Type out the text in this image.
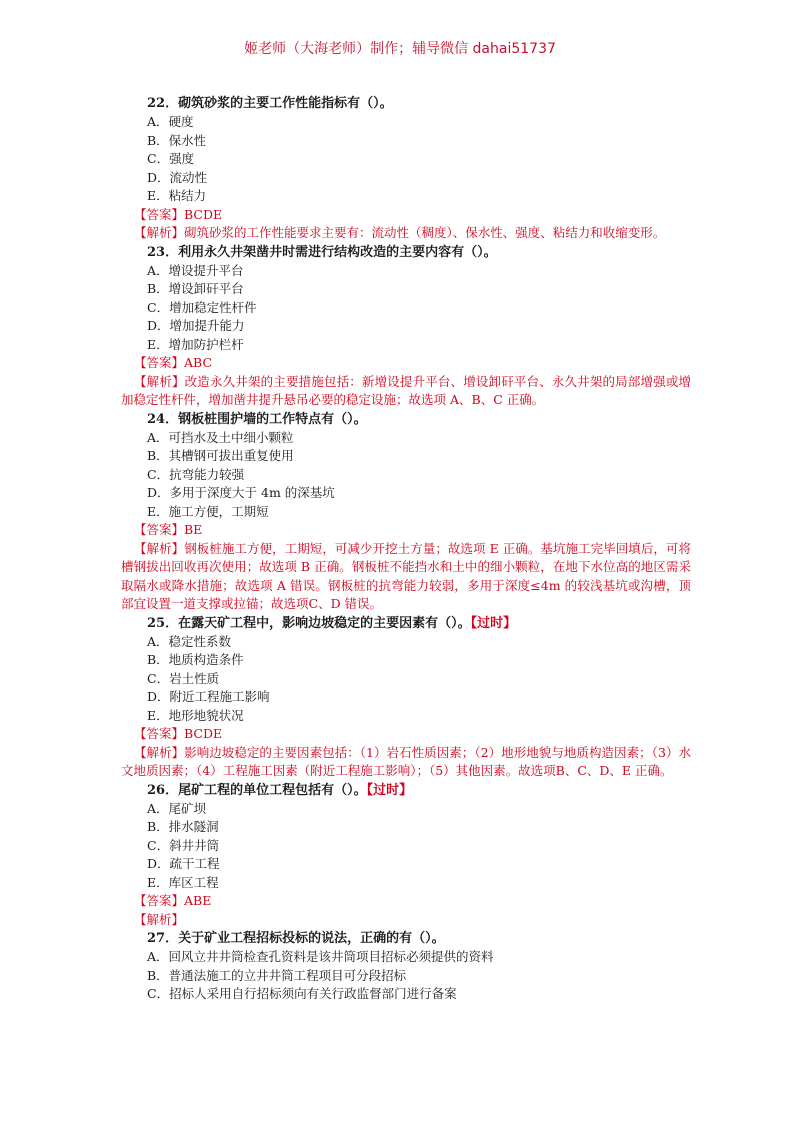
姬老师（大海老师）制作；辅导微信 dahai51737
22．砌筑砂浆的主要工作性能指标有（）。
A．硬度
B．保水性
C．强度
D．流动性
E．粘结力
【答案】BCDE
【解析】砌筑砂浆的工作性能要求主要有：流动性（稠度）、保水性、强度、粘结力和收缩变形。
23．利用永久井架凿井时需进行结构改造的主要内容有（）。
A．增设提升平台
B．增设卸矸平台
C．增加稳定性杆件
D．增加提升能力
E．增加防护栏杆
【答案】ABC
【解析】改造永久井架的主要措施包括：新增设提升平台、增设卸矸平台、永久井架的局部增强或增加稳定性杆件，增加凿井提升悬吊必要的稳定设施；故选项 A、B、C 正确。
24．钢板桩围护墙的工作特点有（）。
A．可挡水及土中细小颗粒
B．其槽钢可拔出重复使用
C．抗弯能力较强
D．多用于深度大于 4m 的深基坑
E．施工方便，工期短
【答案】BE
【解析】钢板桩施工方便，工期短，可减少开挖土方量；故选项 E 正确。基坑施工完毕回填后，可将槽钢拔出回收再次使用；故选项 B 正确。钢板桩不能挡水和土中的细小颗粒，在地下水位高的地区需采取隔水或降水措施；故选项 A 错误。钢板桩的抗弯能力较弱，多用于深度≤4m 的较浅基坑或沟槽，顶部宜设置一道支撑或拉锚；故选项C、D 错误。
25．在露天矿工程中，影响边坡稳定的主要因素有（）。【过时】
A．稳定性系数
B．地质构造条件
C．岩土性质
D．附近工程施工影响
E．地形地貌状况
【答案】BCDE
【解析】影响边坡稳定的主要因素包括：（1）岩石性质因素；（2）地形地貌与地质构造因素；（3）水文地质因素；（4）工程施工因素（附近工程施工影响）；（5）其他因素。故选项B、C、D、E 正确。
26．尾矿工程的单位工程包括有（）。【过时】
A．尾矿坝
B．排水隧洞
C．斜井井筒
D．疏干工程
E．库区工程
【答案】ABE
【解析】
27．关于矿业工程招标投标的说法，正确的有（）。
A．回风立井井筒检查孔资料是该井筒项目招标必须提供的资料
B．普通法施工的立井井筒工程项目可分段招标
C．招标人采用自行招标须向有关行政监督部门进行备案
